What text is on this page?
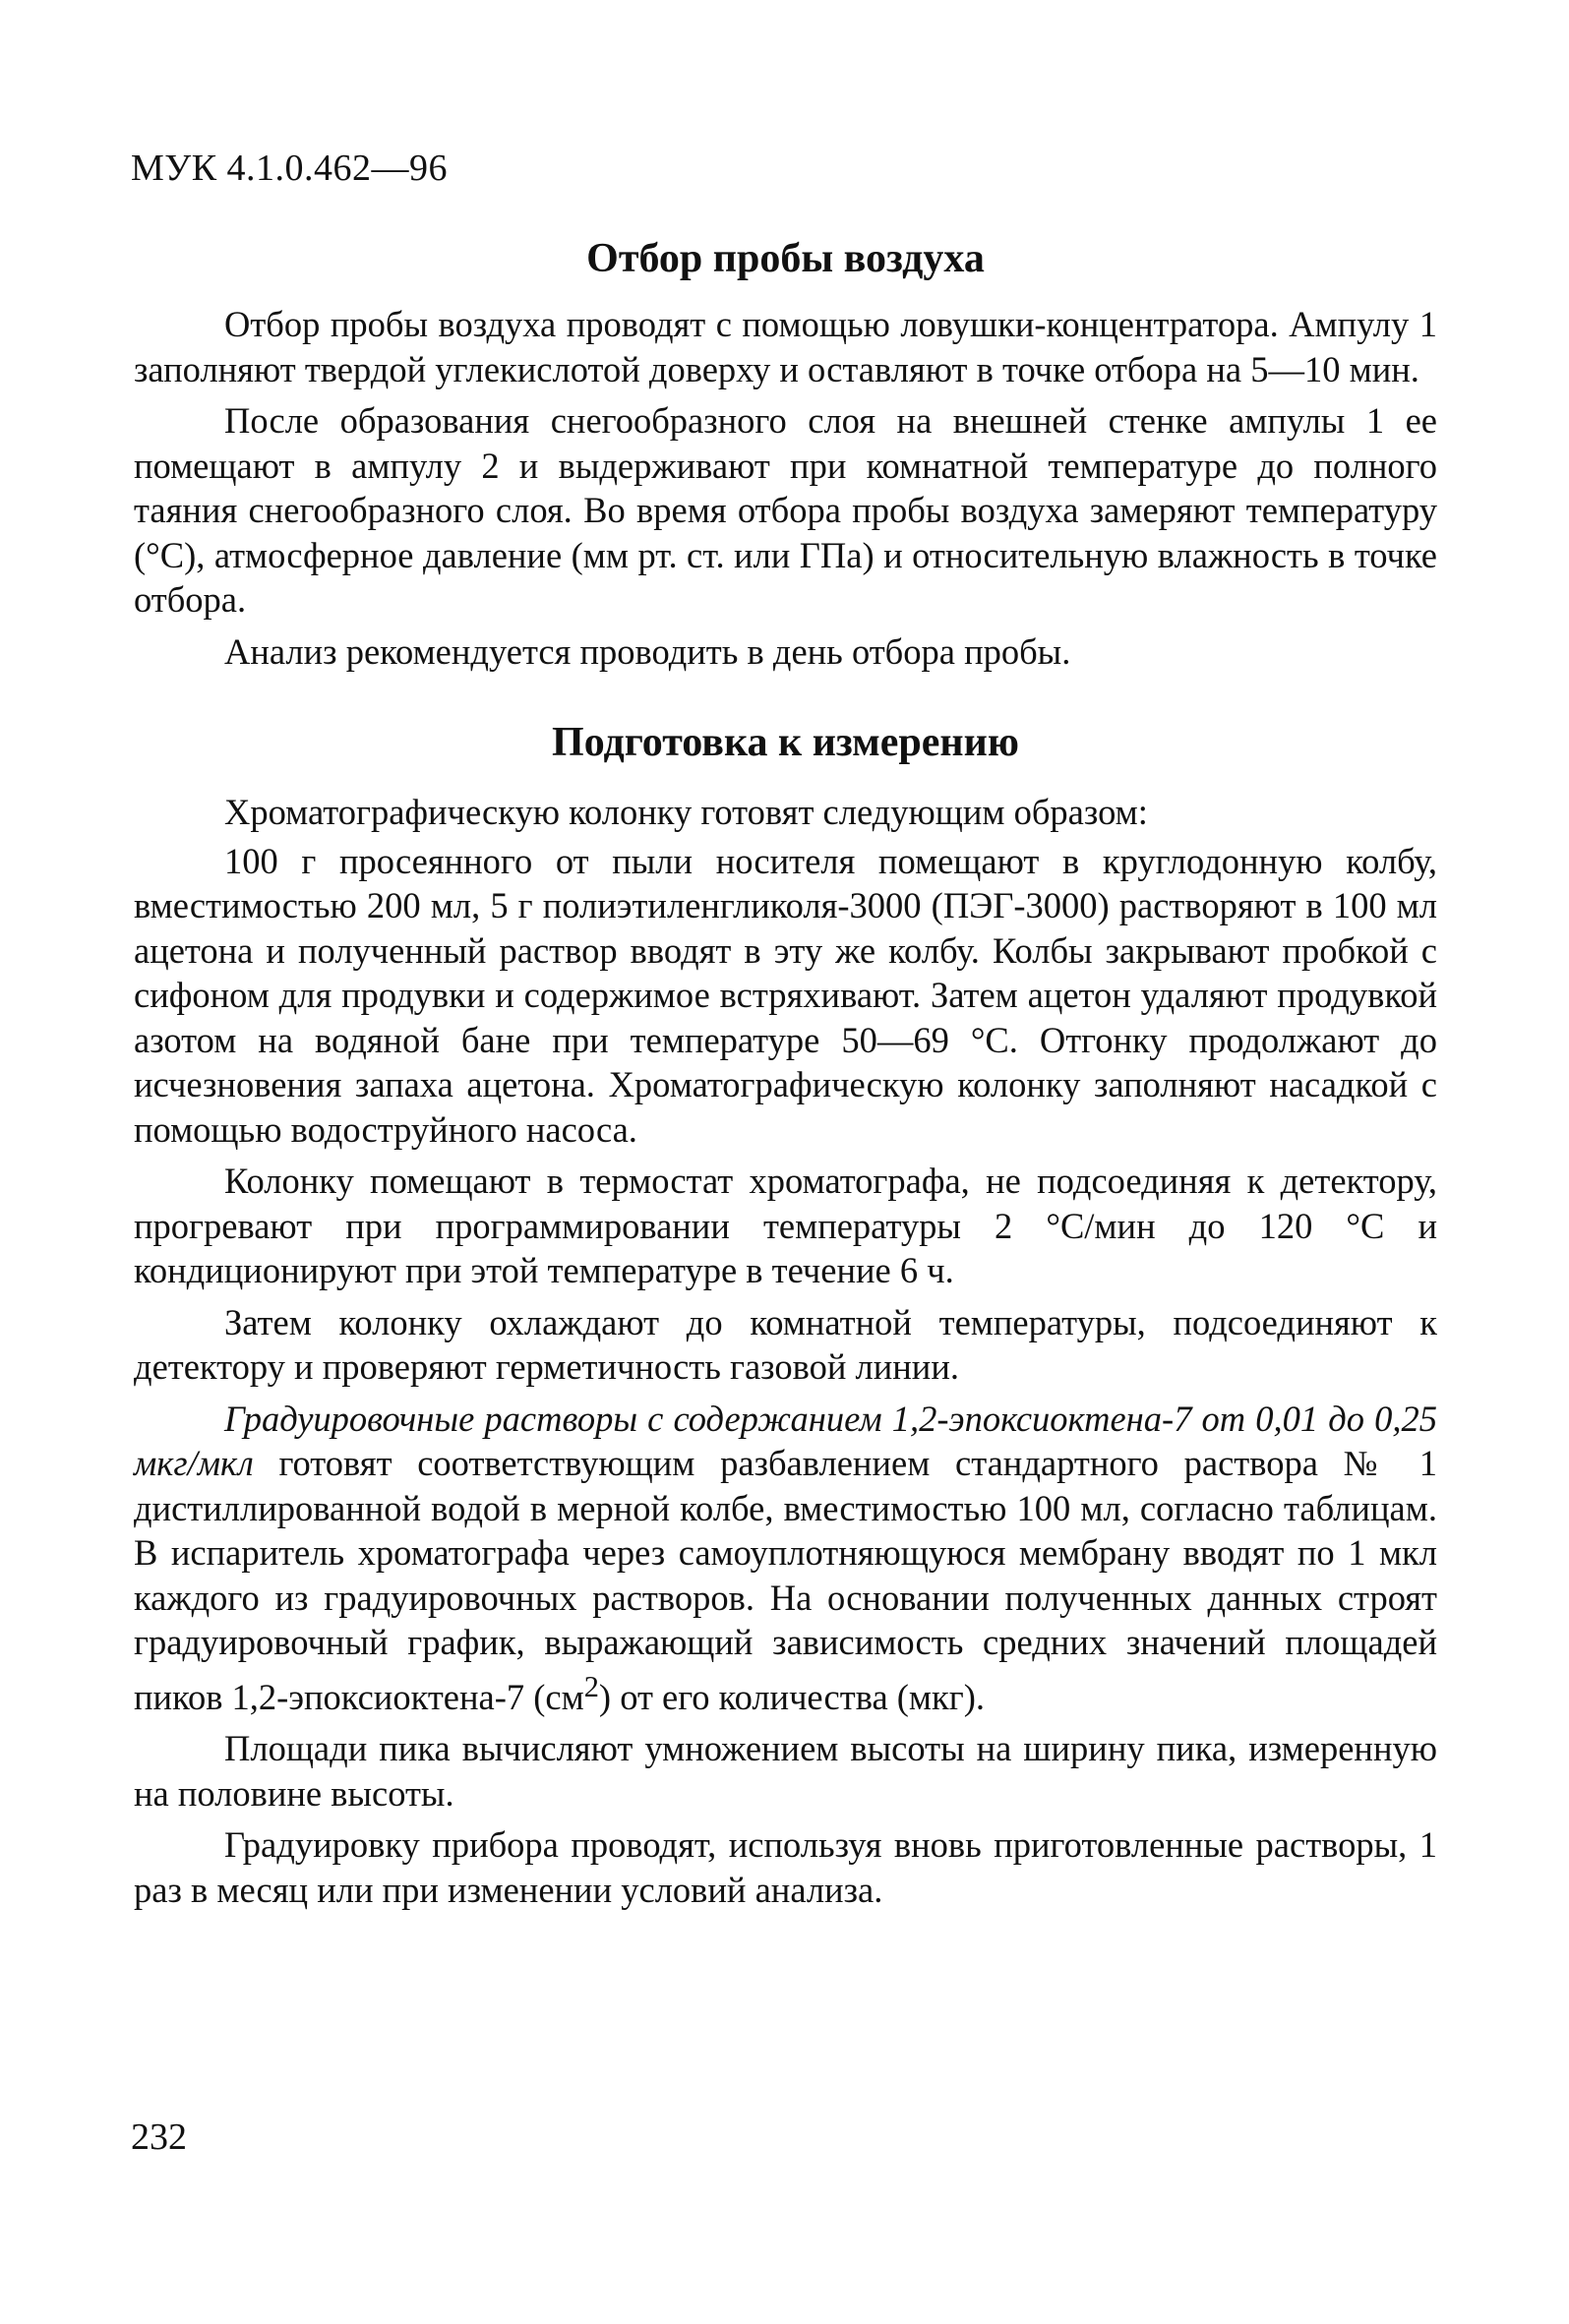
МУК 4.1.0.462—96
Отбор пробы воздуха

Отбор пробы воздуха проводят с помощью ловушки-концентратора. Ампулу 1 заполняют твердой углекислотой доверху и оставляют в точке отбора на 5—10 мин.

После образования снегообразного слоя на внешней стенке ампулы 1 ее помещают в ампулу 2 и выдерживают при комнатной температуре до полного таяния снегообразного слоя. Во время отбора пробы воздуха замеряют температуру (°С), атмосферное давление (мм рт. ст. или ГПа) и относительную влажность в точке отбора.

Анализ рекомендуется проводить в день отбора пробы.

Подготовка к измерению

Хроматографическую колонку готовят следующим образом:

100 г просеянного от пыли носителя помещают в круглодонную колбу, вместимостью 200 мл, 5 г полиэтиленгликоля-3000 (ПЭГ-3000) растворяют в 100 мл ацетона и полученный раствор вводят в эту же колбу. Колбы закрывают пробкой с сифоном для продувки и содержимое встряхивают. Затем ацетон удаляют продувкой азотом на водяной бане при температуре 50—69 °С. Отгонку продолжают до исчезновения запаха ацетона. Хроматографическую колонку заполняют насадкой с помощью водоструйного насоса.

Колонку помещают в термостат хроматографа, не подсоединяя к детектору, прогревают при программировании температуры 2 °С/мин до 120 °С и кондиционируют при этой температуре в течение 6 ч.

Затем колонку охлаждают до комнатной температуры, подсоединяют к детектору и проверяют герметичность газовой линии.

Градуировочные растворы с содержанием 1,2-эпоксиоктена-7 от 0,01 до 0,25 мкг/мкл готовят соответствующим разбавлением стандартного раствора № 1 дистиллированной водой в мерной колбе, вместимостью 100 мл, согласно таблицам. В испаритель хроматографа через самоуплотняющуюся мембрану вводят по 1 мкл каждого из градуировочных растворов. На основании полученных данных строят градуировочный график, выражающий зависимость средних значений площадей пиков 1,2-эпоксиоктена-7 $(см^2)$ от его количества (мкг).

Площади пика вычисляют умножением высоты на ширину пика, измеренную на половине высоты.

Градуировку прибора проводят, используя вновь приготовленные растворы, 1 раз в месяц или при изменении условий анализа.

232
